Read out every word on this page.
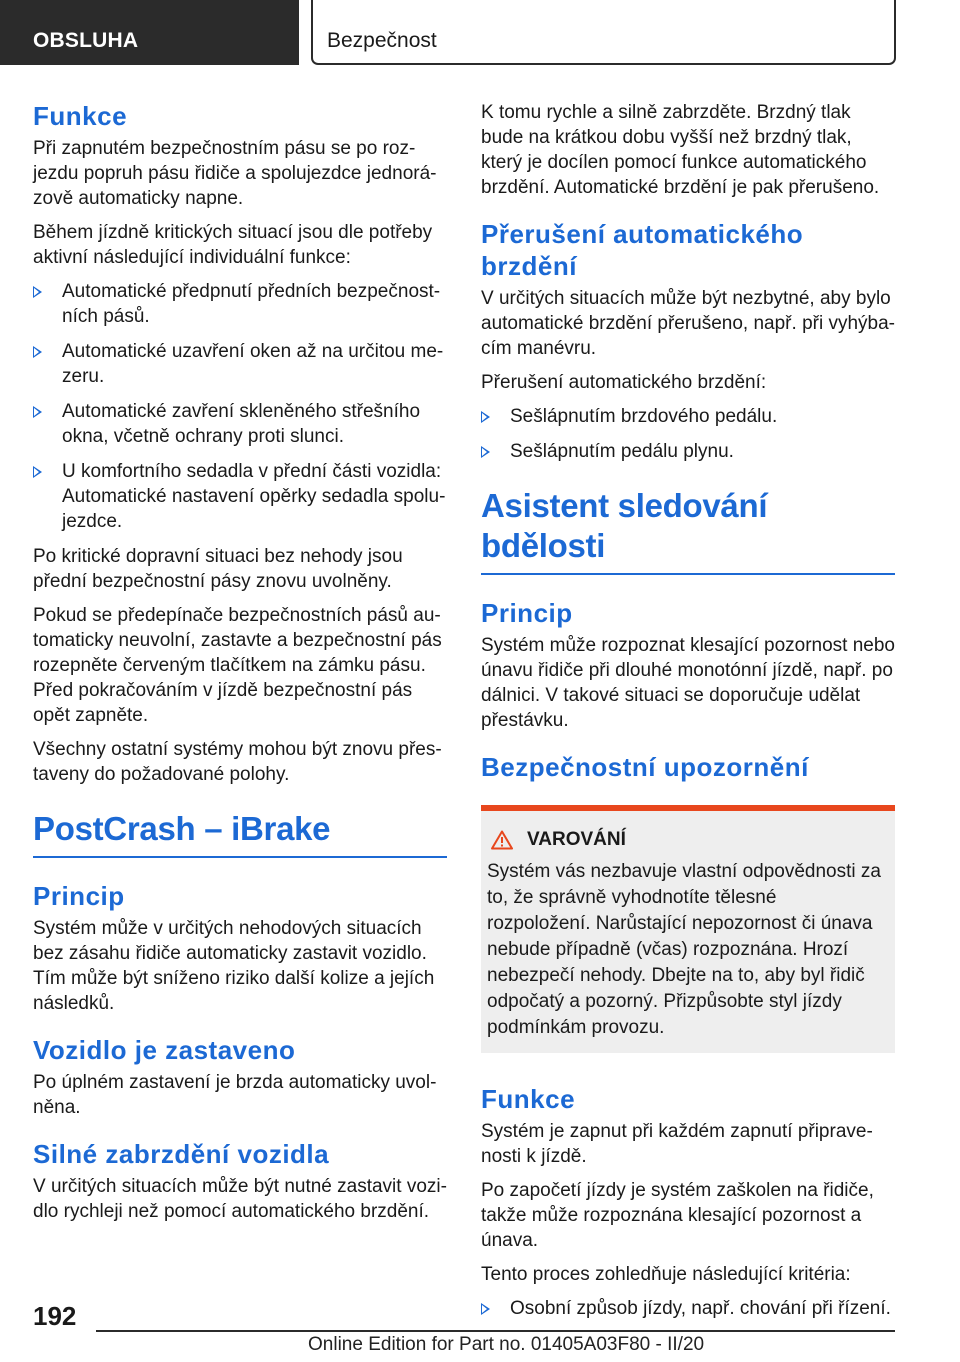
OBSLUHA	Bezpečnost
Funkce

Při zapnutém bezpečnostním pásu se po rozjezdu popruh pásu řidiče a spolujezdce jednorázově automaticky napne.

Během jízdně kritických situací jsou dle potřeby aktivní následující individuální funkce:

Automatické předpnutí předních bezpečnostních pásů.
Automatické uzavření oken až na určitou mezeru.
Automatické zavření skleněného střešního okna, včetně ochrany proti slunci.
U komfortního sedadla v přední části vozidla: Automatické nastavení opěrky sedadla spolujezdce.

Po kritické dopravní situaci bez nehody jsou přední bezpečnostní pásy znovu uvolněny.

Pokud se předepínače bezpečnostních pásů automaticky neuvolní, zastavte a bezpečnostní pás rozepněte červeným tlačítkem na zámku pásu. Před pokračováním v jízdě bezpečnostní pás opět zapněte.

Všechny ostatní systémy mohou být znovu přestaveny do požadované polohy.

PostCrash – iBrake
Princip

Systém může v určitých nehodových situacích bez zásahu řidiče automaticky zastavit vozidlo. Tím může být sníženo riziko další kolize a jejích následků.

Vozidlo je zastaveno

Po úplném zastavení je brzda automaticky uvolněna.

Silné zabrzdění vozidla

V určitých situacích může být nutné zastavit vozidlo rychleji než pomocí automatického brzdění.

K tomu rychle a silně zabrzděte. Brzdný tlak bude na krátkou dobu vyšší než brzdný tlak, který je docílen pomocí funkce automatického brzdění. Automatické brzdění je pak přerušeno.

Přerušení automatického brzdění

V určitých situacích může být nezbytné, aby bylo automatické brzdění přerušeno, např. při vyhýbacím manévru.

Přerušení automatického brzdění:

Sešlápnutím brzdového pedálu.
Sešlápnutím pedálu plynu.
Asistent sledování bdělosti
Princip

Systém může rozpoznat klesající pozornost nebo únavu řidiče při dlouhé monotónní jízdě, např. po dálnici. V takové situaci se doporučuje udělat přestávku.

Bezpečnostní upozornění
VAROVÁNÍ

Systém vás nezbavuje vlastní odpovědnosti za to, že správně vyhodnotíte tělesné rozpoložení. Narůstající nepozornost či únava nebude případně (včas) rozpoznána. Hrozí nebezpečí nehody. Dbejte na to, aby byl řidič odpočatý a pozorný. Přizpůsobte styl jízdy podmínkám provozu.

Funkce

Systém je zapnut při každém zapnutí připravenosti k jízdě.

Po započetí jízdy je systém zaškolen na řidiče, takže může rozpoznána klesající pozornost a únava.

Tento proces zohledňuje následující kritéria:

Osobní způsob jízdy, např. chování při řízení.
192
Online Edition for Part no. 01405A03F80 - II/20
